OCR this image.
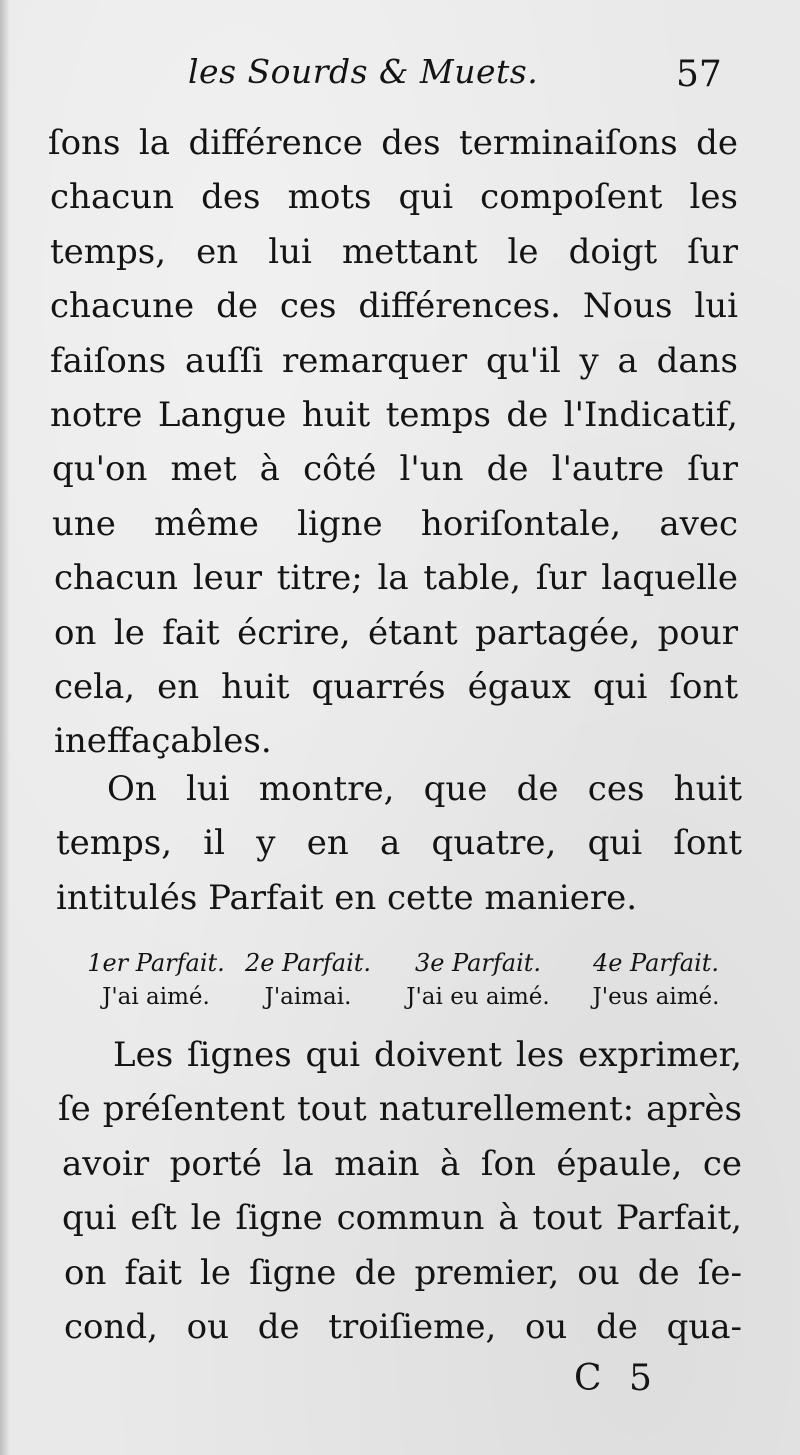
les Sourds & Muets.	57
ſons la différence des terminaiſons de
chacun des mots qui compoſent les
temps, en lui mettant le doigt ſur
chacune de ces différences. Nous lui
faiſons auſſi remarquer qu'il y a dans
notre Langue huit temps de l'Indicatif,
qu'on met à côté l'un de l'autre ſur
une même ligne horiſontale, avec
chacun leur titre; la table, ſur laquelle
on le fait écrire, étant partagée, pour
cela, en huit quarrés égaux qui ſont
ineffaçables.
On lui montre, que de ces huit
temps, il y en a quatre, qui ſont
intitulés Parfait en cette maniere.
1er Parfait.
J'ai aimé.
2e Parfait.
J'aimai.
3e Parfait.
J'ai eu aimé.
4e Parfait.
J'eus aimé.
Les ſignes qui doivent les exprimer,
ſe préſentent tout naturellement: après
avoir porté la main à ſon épaule, ce
qui eſt le ſigne commun à tout Parfait,
on fait le ſigne de premier, ou de ſe-
cond, ou de troiſieme, ou de qua-
C 5
